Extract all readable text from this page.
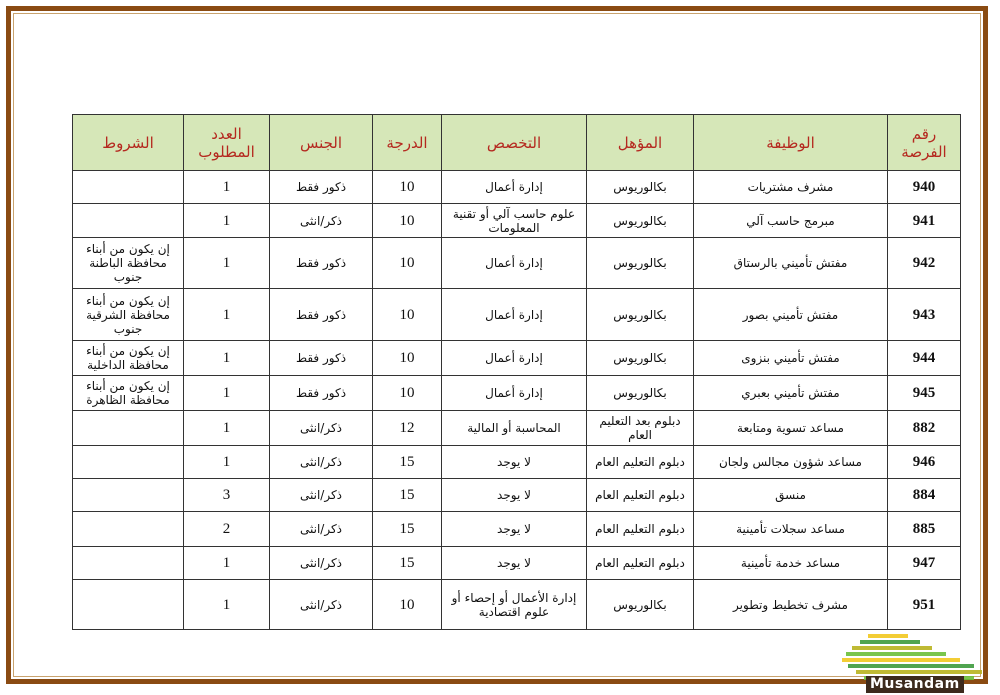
رقم الفرصة	الوظيفة	المؤهل	التخصص	الدرجة	الجنس	العدد المطلوب	الشروط
940	مشرف مشتريات	بكالوريوس	إدارة أعمال	10	ذكور فقط	1	
941	مبرمج حاسب آلي	بكالوريوس	علوم حاسب آلي أو تقنية المعلومات	10	ذكر/انثى	1	
942	مفتش تأميني بالرستاق	بكالوريوس	إدارة أعمال	10	ذكور فقط	1	إن يكون من أبناء محافظة الباطنة جنوب
943	مفتش تأميني بصور	بكالوريوس	إدارة أعمال	10	ذكور فقط	1	إن يكون من أبناء محافظة الشرقية جنوب
944	مفتش تأميني بنزوى	بكالوريوس	إدارة أعمال	10	ذكور فقط	1	إن يكون من أبناء محافظة الداخلية
945	مفتش تأميني بعبري	بكالوريوس	إدارة أعمال	10	ذكور فقط	1	إن يكون من أبناء محافظة الظاهرة
882	مساعد تسوية ومتابعة	دبلوم بعد التعليم العام	المحاسبة أو المالية	12	ذكر/انثى	1	
946	مساعد شؤون مجالس ولجان	دبلوم التعليم العام	لا يوجد	15	ذكر/انثى	1	
884	منسق	دبلوم التعليم العام	لا يوجد	15	ذكر/انثى	3	
885	مساعد سجلات تأمينية	دبلوم التعليم العام	لا يوجد	15	ذكر/انثى	2	
947	مساعد خدمة تأمينية	دبلوم التعليم العام	لا يوجد	15	ذكر/انثى	1	
951	مشرف تخطيط وتطوير	بكالوريوس	إدارة الأعمال أو إحصاء أو علوم اقتصادية	10	ذكر/انثى	1	
Musandam
